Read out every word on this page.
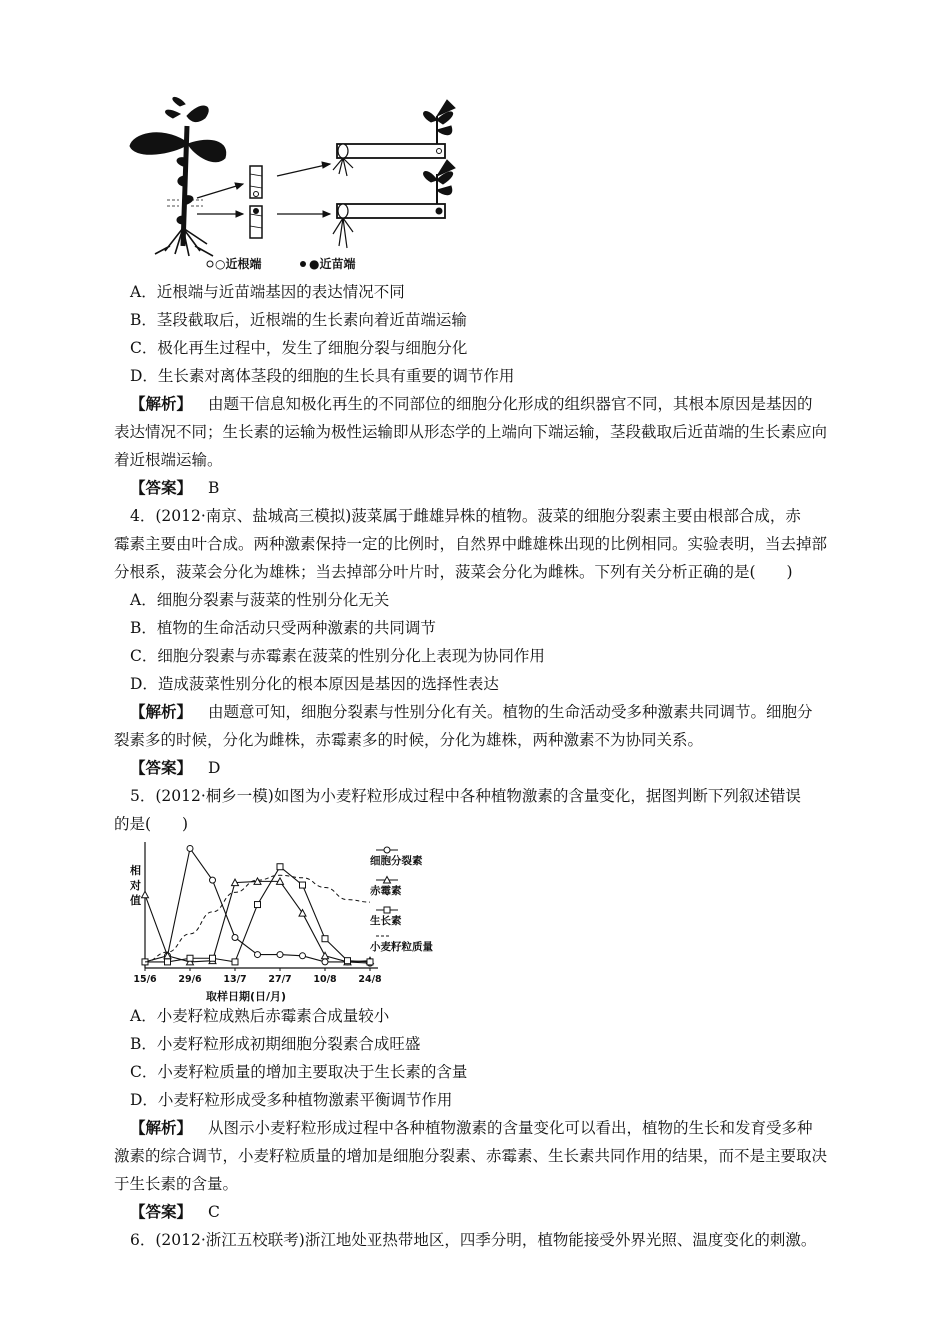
○近根端	●近苗端
A．近根端与近苗端基因的表达情况不同
B．茎段截取后，近根端的生长素向着近苗端运输
C．极化再生过程中，发生了细胞分裂与细胞分化
D．生长素对离体茎段的细胞的生长具有重要的调节作用
【解析】 由题干信息知极化再生的不同部位的细胞分化形成的组织器官不同，其根本原因是基因的
表达情况不同；生长素的运输为极性运输即从形态学的上端向下端运输，茎段截取后近苗端的生长素应向
着近根端运输。
【答案】 B
4．(2012·南京、盐城高三模拟)菠菜属于雌雄异株的植物。菠菜的细胞分裂素主要由根部合成，赤
霉素主要由叶合成。两种激素保持一定的比例时，自然界中雌雄株出现的比例相同。实验表明，当去掉部
分根系，菠菜会分化为雄株；当去掉部分叶片时，菠菜会分化为雌株。下列有关分析正确的是(　　)
A．细胞分裂素与菠菜的性别分化无关
B．植物的生命活动只受两种激素的共同调节
C．细胞分裂素与赤霉素在菠菜的性别分化上表现为协同作用
D．造成菠菜性别分化的根本原因是基因的选择性表达
【解析】 由题意可知，细胞分裂素与性别分化有关。植物的生命活动受多种激素共同调节。细胞分
裂素多的时候，分化为雌株，赤霉素多的时候，分化为雄株，两种激素不为协同关系。
【答案】 D
5．(2012·桐乡一模)如图为小麦籽粒形成过程中各种植物激素的含量变化，据图判断下列叙述错误
的是(　　)
相对值
15/6 29/6 13/7 27/7 10/8 24/8
取样日期(日/月)
细胞分裂素
赤霉素
生长素
小麦籽粒质量
A．小麦籽粒成熟后赤霉素合成量较小
B．小麦籽粒形成初期细胞分裂素合成旺盛
C．小麦籽粒质量的增加主要取决于生长素的含量
D．小麦籽粒形成受多种植物激素平衡调节作用
【解析】 从图示小麦籽粒形成过程中各种植物激素的含量变化可以看出，植物的生长和发育受多种
激素的综合调节，小麦籽粒质量的增加是细胞分裂素、赤霉素、生长素共同作用的结果，而不是主要取决
于生长素的含量。
【答案】 C
6．(2012·浙江五校联考)浙江地处亚热带地区，四季分明，植物能接受外界光照、温度变化的刺激。
